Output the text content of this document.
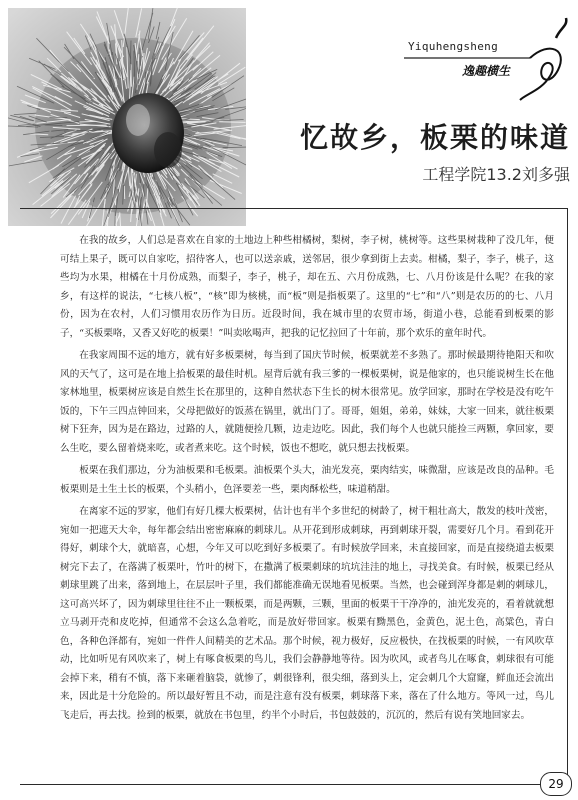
Yiquhengsheng
逸趣横生
忆故乡，板栗的味道
工程学院13.2刘多强

在我的故乡，人们总是喜欢在自家的土地边上种些柑橘树，梨树，李子树，桃树等。这些果树栽种了没几年，便可结上果子，既可以自家吃，招待客人，也可以送亲戚，送邻居，很少拿到街上去卖。柑橘，梨子，李子，桃子，这些均为水果，柑橘在十月份成熟，而梨子，李子，桃子，却在五、六月份成熟，七、八月份该是什么呢？在我的家乡，有这样的说法，“七核八板”，“核”即为核桃，而“板”则是指板栗了。这里的“七”和“八”则是农历的的七、八月份，因为在农村，人们习惯用农历作为日历。近段时间，我在城市里的农贸市场，街道小巷，总能看到板栗的影子，“买板栗咯，又香又好吃的板栗！”叫卖吆喝声，把我的记忆拉回了十年前，那个欢乐的童年时代。

在我家周围不远的地方，就有好多板栗树，每当到了国庆节时候，板栗就差不多熟了。那时候最期待艳阳天和吹风的天气了，这可是在地上拾板栗的最佳时机。屋背后就有我三爹的一棵板栗树，说是他家的，也只能说树生长在他家林地里，板栗树应该是自然生长在那里的，这种自然状态下生长的树木很常见。放学回家，那时在学校是没有吃午饭的，下午三四点钟回来，父母把做好的饭蒸在锅里，就出门了。哥哥，姐姐，弟弟，妹妹，大家一回来，就往板栗树下狂奔，因为是在路边，过路的人，就随便捡几颗，边走边吃。因此，我们每个人也就只能捡三两颗，拿回家，要么生吃，要么留着烧来吃，或者煮来吃。这个时候，饭也不想吃，就只想去找板栗。

板栗在我们那边，分为油板栗和毛板栗。油板栗个头大，油光发亮，栗肉结实，味微甜，应该是改良的品种。毛板栗则是土生土长的板栗，个头稍小，色泽要差一些，栗肉酥松些，味道稍甜。

在离家不远的罗家，他们有好几棵大板栗树，估计也有半个多世纪的树龄了，树干粗壮高大，散发的枝叶茂密，宛如一把遮天大伞，每年都会结出密密麻麻的刺球儿。从开花到形成刺球，再到刺球开裂，需要好几个月。看到花开得好，刺球个大，就暗喜，心想，今年又可以吃到好多板栗了。有时候放学回来，未直接回家，而是直接绕道去板栗树完下去了，在落满了板栗叶，竹叶的树下，在撒满了板栗刺球的坑坑洼洼的地上，寻找美食。有时候，板栗已经从刺球里跳了出来，落到地上，在层层叶子里，我们都能准确无误地看见板栗。当然，也会碰到浑身都是刺的刺球儿，这可高兴坏了，因为刺球里往往不止一颗板栗，而是两颗，三颗，里面的板栗干干净净的，油光发亮的，看着就就想立马剥开壳和皮吃掉，但通常不会这么急着吃，而是放好带回家。板栗有黝黑色，金黄色，泥土色，高粱色，青白色，各种色泽都有，宛如一件件人间精美的艺术品。那个时候，视力极好，反应极快，在找板栗的时候，一有风吹草动，比如听见有风吹来了，树上有啄食板栗的鸟儿，我们会静静地等待。因为吹风，或者鸟儿在啄食，刺球很有可能会掉下来，稍有不慎，落下来砸着脑袋，就惨了，刺很锋利，很尖细，落到头上，定会刺几个大窟窿，鲜血还会流出来，因此是十分危险的。所以最好暂且不动，而是注意有没有板栗，刺球落下来，落在了什么地方。等风一过，鸟儿飞走后，再去找。捡到的板栗，就放在书包里，约半个小时后，书包鼓鼓的，沉沉的，然后有说有笑地回家去。

29
